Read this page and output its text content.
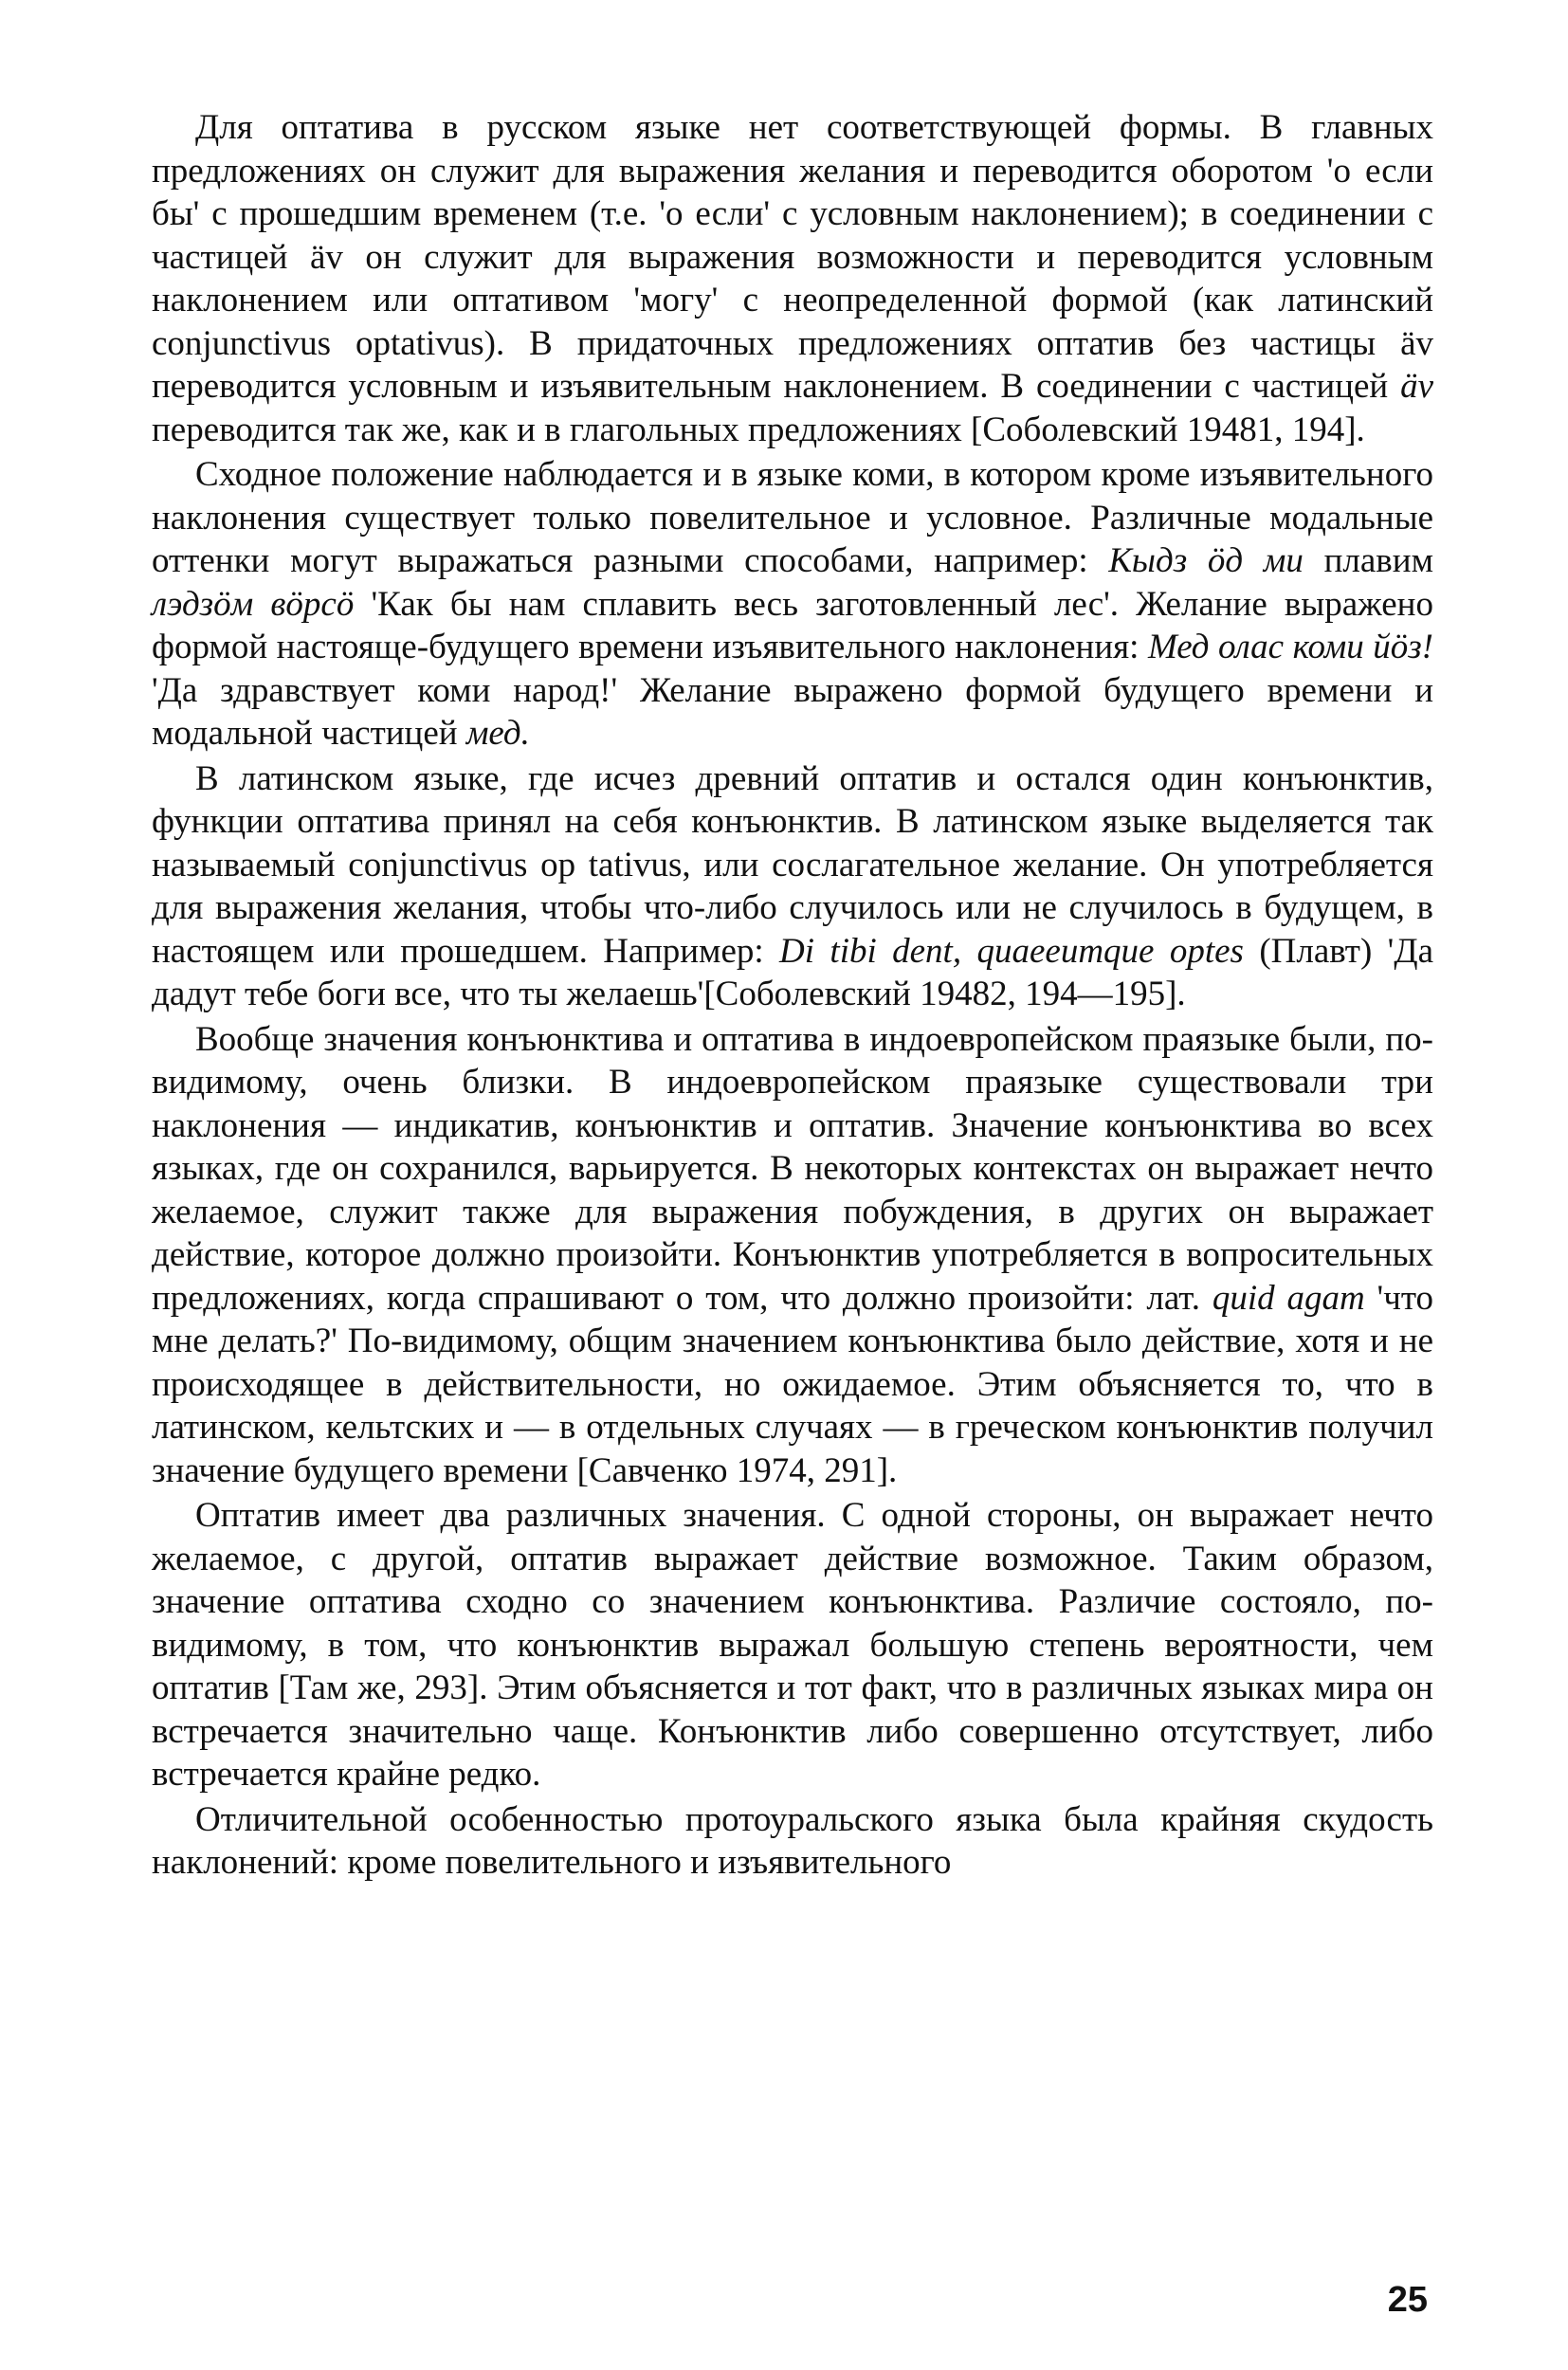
Для оптатива в русском языке нет соответствующей формы. В главных предложениях он служит для выражения желания и переводится оборотом 'о если бы' с прошедшим временем (т.е. 'о если' с условным наклонением); в соединении с частицей äv он служит для выражения возможности и переводится условным наклонением или оптативом 'могу' с неопределенной формой (как латинский conjunctivus optativus). В придаточных предложениях оптатив без частицы äv переводится условным и изъявительным наклонением. В соединении с частицей äv переводится так же, как и в глагольных предложениях [Соболевский 19481, 194].

Сходное положение наблюдается и в языке коми, в котором кроме изъявительного наклонения существует только повелительное и условное. Различные модальные оттенки могут выражаться разными способами, например: Кыдз öд ми плавим лэдзöм вöрсö 'Как бы нам сплавить весь заготовленный лес'. Желание выражено формой настояще-будущего времени изъявительного наклонения: Мед олас коми йöз! 'Да здравствует коми народ!' Желание выражено формой будущего времени и модальной частицей мед.

В латинском языке, где исчез древний оптатив и остался один конъюнктив, функции оптатива принял на себя конъюнктив. В латинском языке выделяется так называемый conjunctivus op tativus, или сослагательное желание. Он употребляется для выражения желания, чтобы что-либо случилось или не случилось в будущем, в настоящем или прошедшем. Например: Di tibi dent, quaeeumque optes (Плавт) 'Да дадут тебе боги все, что ты желаешь'[Соболевский 19482, 194—195].

Вообще значения конъюнктива и оптатива в индоевропейском праязыке были, по-видимому, очень близки. В индоевропейском праязыке существовали три наклонения — индикатив, конъюнктив и оптатив. Значение конъюнктива во всех языках, где он сохранился, варьируется. В некоторых контекстах он выражает нечто желаемое, служит также для выражения побуждения, в других он выражает действие, которое должно произойти. Конъюнктив употребляется в вопросительных предложениях, когда спрашивают о том, что должно произойти: лат. quid agam 'что мне делать?' По-видимому, общим значением конъюнктива было действие, хотя и не происходящее в действительности, но ожидаемое. Этим объясняется то, что в латинском, кельтских и — в отдельных случаях — в греческом конъюнктив получил значение будущего времени [Савченко 1974, 291].

Оптатив имеет два различных значения. С одной стороны, он выражает нечто желаемое, с другой, оптатив выражает действие возможное. Таким образом, значение оптатива сходно со значением конъюнктива. Различие состояло, по-видимому, в том, что конъюнктив выражал большую степень вероятности, чем оптатив [Там же, 293]. Этим объясняется и тот факт, что в различных языках мира он встречается значительно чаще. Конъюнктив либо совершенно отсутствует, либо встречается крайне редко.

Отличительной особенностью протоуральского языка была крайняя скудость наклонений: кроме повелительного и изъявительного

25
